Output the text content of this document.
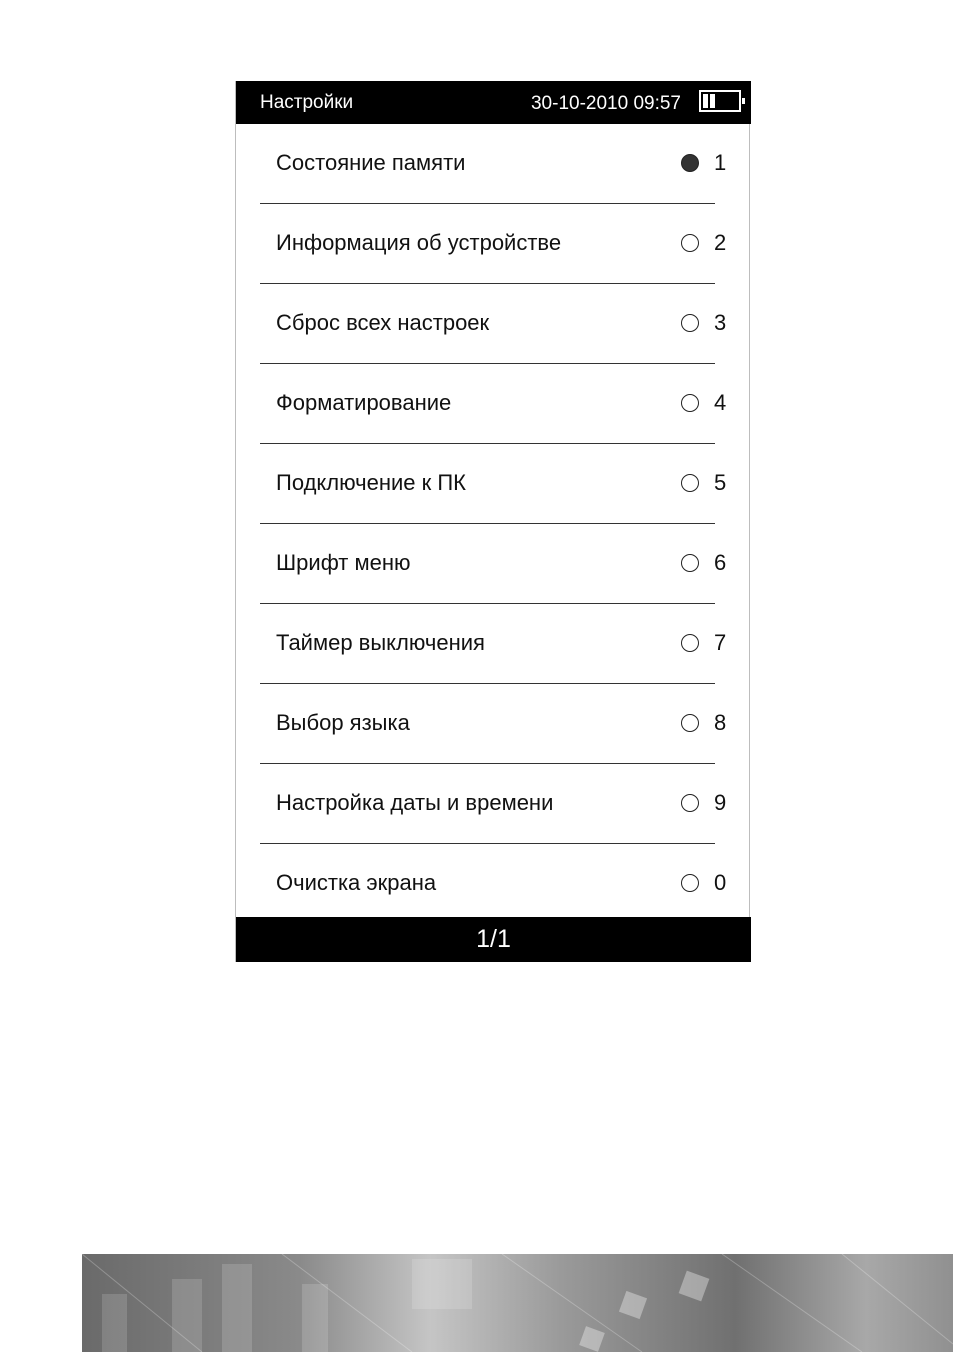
Настройки	30-10-2010 09:57
Состояние памяти	1
Информация об устройстве	2
Сброс всех настроек	3
Форматирование	4
Подключение к ПК	5
Шрифт меню	6
Таймер выключения	7
Выбор языка	8
Настройка даты и времени	9
Очистка экрана	0
1/1
